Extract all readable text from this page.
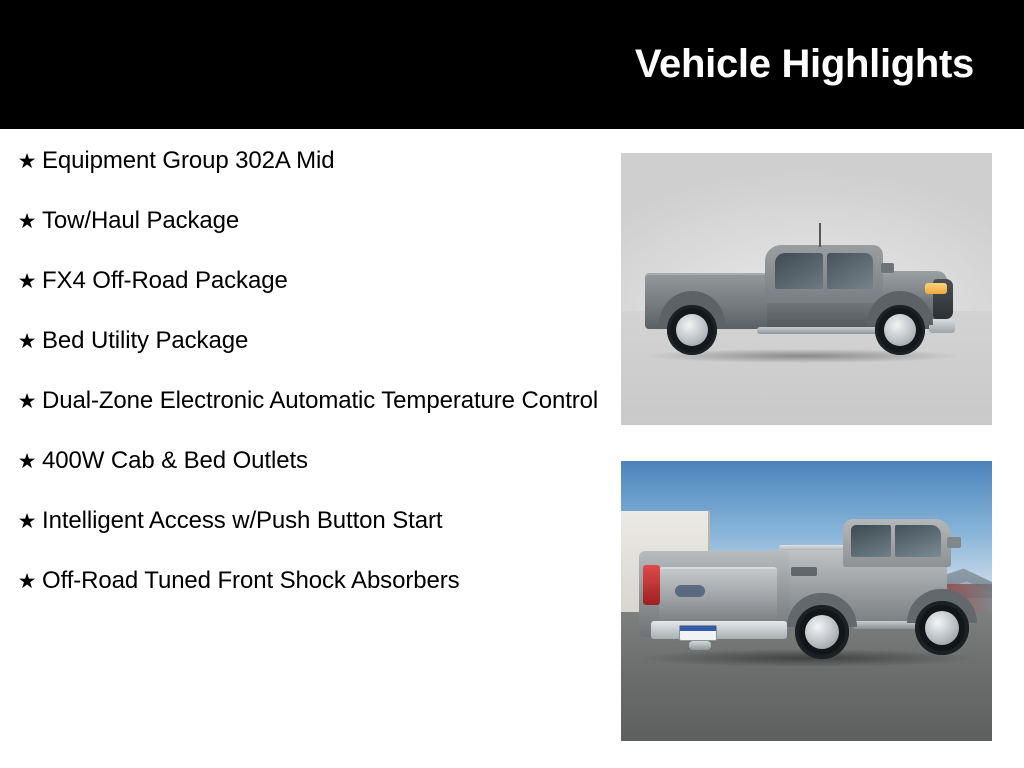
Vehicle Highlights
★ Equipment Group 302A Mid
★ Tow/Haul Package
★ FX4 Off-Road Package
★ Bed Utility Package
★ Dual-Zone Electronic Automatic Temperature Control
★ 400W Cab & Bed Outlets
★ Intelligent Access w/Push Button Start
★ Off-Road Tuned Front Shock Absorbers
